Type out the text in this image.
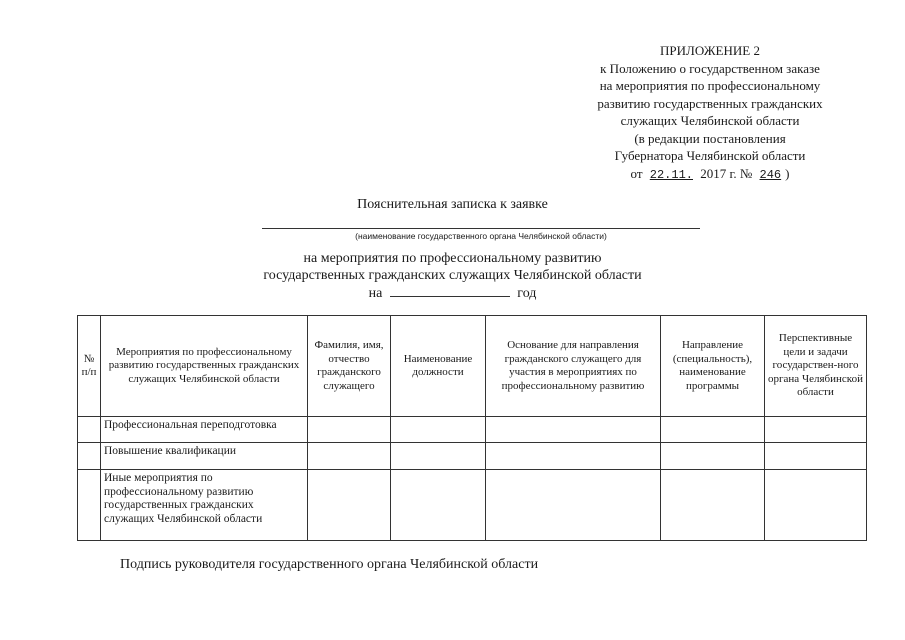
ПРИЛОЖЕНИЕ 2
к Положению о государственном заказе
на мероприятия по профессиональному
развитию государственных гражданских
служащих Челябинской области
(в редакции постановления
Губернатора Челябинской области
от 22.11. 2017 г. № 246 )
Пояснительная записка к заявке
(наименование государственного органа Челябинской области)
на мероприятия по профессиональному развитию
государственных гражданских служащих Челябинской области
на	год
№ п/п	Мероприятия по профессиональному развитию государственных гражданских служащих Челябинской области	Фамилия, имя, отчество гражданского служащего	Наименование должности	Основание для направления гражданского служащего для участия в мероприятиях по профессиональному развитию	Направление (специальность), наименование программы	Перспективные цели и задачи государствен-ного органа Челябинской области
	Профессиональная переподготовка					
	Повышение квалификации					
	Иные мероприятия по профессиональному развитию государственных гражданских служащих Челябинской области					
Подпись руководителя государственного органа Челябинской области
